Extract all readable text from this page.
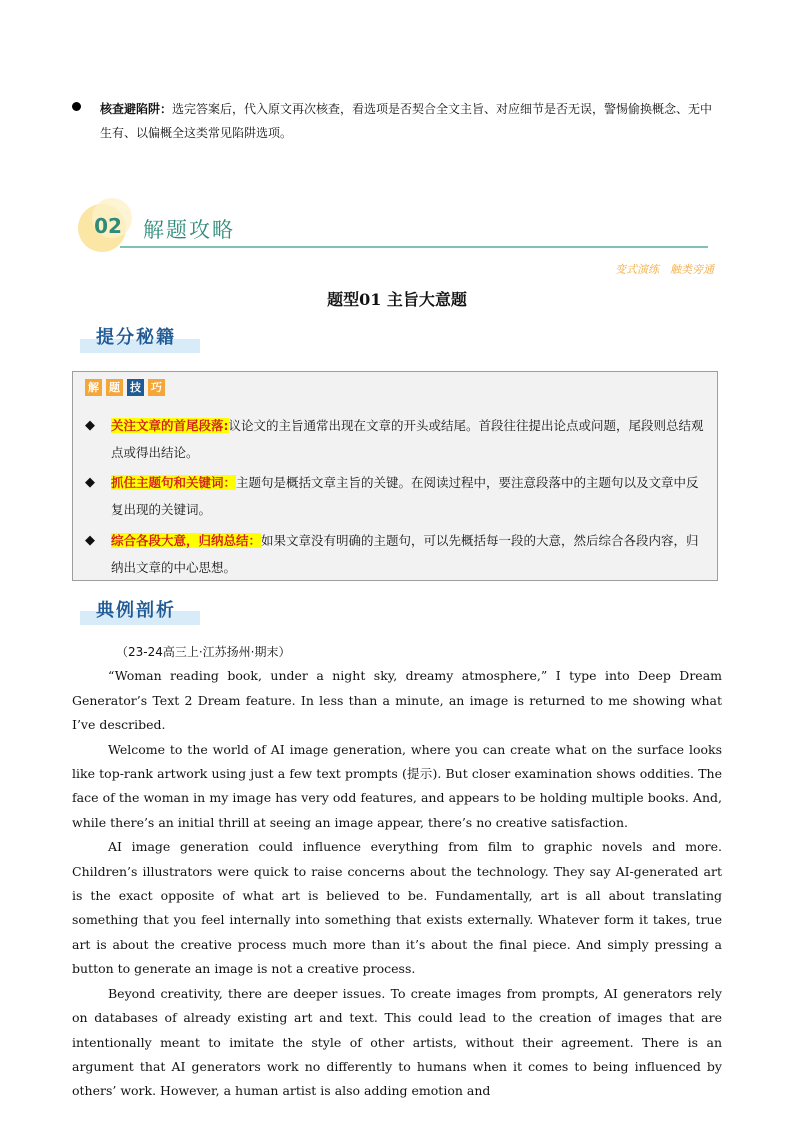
核查避陷阱：选完答案后，代入原文再次核查，看选项是否契合全文主旨、对应细节是否无误，警惕偷换概念、无中生有、以偏概全这类常见陷阱选项。
02	解题攻略
变式演练　触类旁通
题型01 主旨大意题
提分秘籍
解 题 技 巧
◆ 关注文章的首尾段落:议论文的主旨通常出现在文章的开头或结尾。首段往往提出论点或问题，尾段则总结观点或得出结论。
◆ 抓住主题句和关键词：主题句是概括文章主旨的关键。在阅读过程中，要注意段落中的主题句以及文章中反复出现的关键词。
◆ 综合各段大意，归纳总结：如果文章没有明确的主题句，可以先概括每一段的大意，然后综合各段内容，归纳出文章的中心思想。
典例剖析

（23-24高三上·江苏扬州·期末）

“Woman reading book, under a night sky, dreamy atmosphere,” I type into Deep Dream Generator’s Text 2 Dream feature. In less than a minute, an image is returned to me showing what I’ve described.

Welcome to the world of AI image generation, where you can create what on the surface looks like top-rank artwork using just a few text prompts (提示). But closer examination shows oddities. The face of the woman in my image has very odd features, and appears to be holding multiple books. And, while there’s an initial thrill at seeing an image appear, there’s no creative satisfaction.

AI image generation could influence everything from film to graphic novels and more. Children’s illustrators were quick to raise concerns about the technology. They say AI-generated art is the exact opposite of what art is believed to be. Fundamentally, art is all about translating something that you feel internally into something that exists externally. Whatever form it takes, true art is about the creative process much more than it’s about the final piece. And simply pressing a button to generate an image is not a creative process.

Beyond creativity, there are deeper issues. To create images from prompts, AI generators rely on databases of already existing art and text. This could lead to the creation of images that are intentionally meant to imitate the style of other artists, without their agreement. There is an argument that AI generators work no differently to humans when it comes to being influenced by others’ work. However, a human artist is also adding emotion and
